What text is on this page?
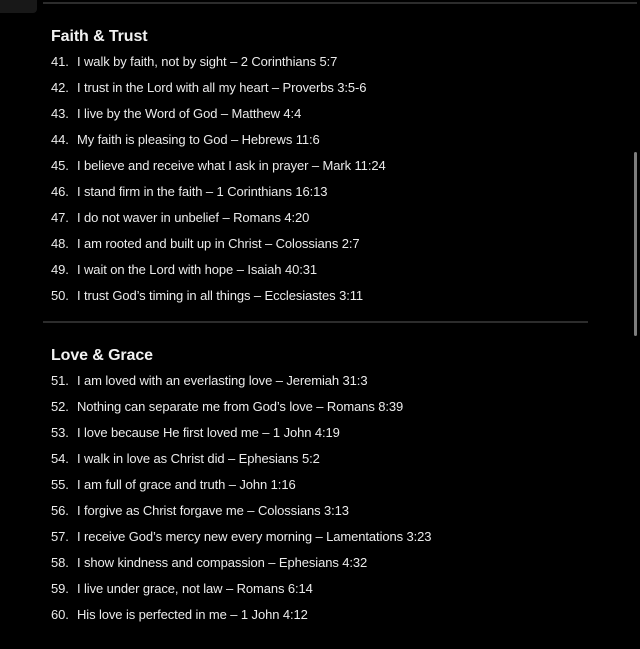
Faith & Trust
41. I walk by faith, not by sight – 2 Corinthians 5:7
42. I trust in the Lord with all my heart – Proverbs 3:5-6
43. I live by the Word of God – Matthew 4:4
44. My faith is pleasing to God – Hebrews 11:6
45. I believe and receive what I ask in prayer – Mark 11:24
46. I stand firm in the faith – 1 Corinthians 16:13
47. I do not waver in unbelief – Romans 4:20
48. I am rooted and built up in Christ – Colossians 2:7
49. I wait on the Lord with hope – Isaiah 40:31
50. I trust God’s timing in all things – Ecclesiastes 3:11
Love & Grace
51. I am loved with an everlasting love – Jeremiah 31:3
52. Nothing can separate me from God’s love – Romans 8:39
53. I love because He first loved me – 1 John 4:19
54. I walk in love as Christ did – Ephesians 5:2
55. I am full of grace and truth – John 1:16
56. I forgive as Christ forgave me – Colossians 3:13
57. I receive God’s mercy new every morning – Lamentations 3:23
58. I show kindness and compassion – Ephesians 4:32
59. I live under grace, not law – Romans 6:14
60. His love is perfected in me – 1 John 4:12
